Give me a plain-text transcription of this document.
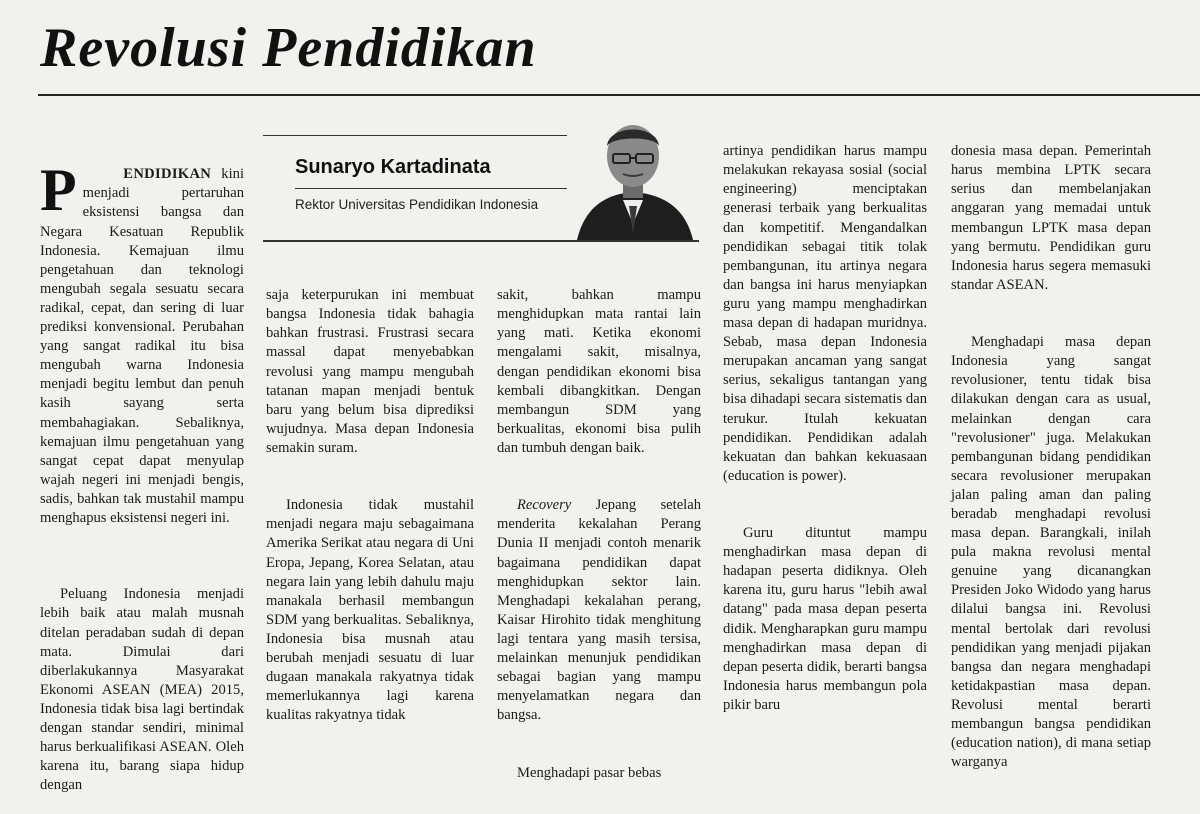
Revolusi Pendidikan

P	ENDIDIKAN kini menjadi pertaruhan eksistensi bangsa dan Negara Kesatuan Republik Indonesia. Kemajuan ilmu pengetahuan dan teknologi mengubah segala sesuatu secara radikal, cepat, dan sering di luar prediksi konvensional. Perubahan yang sangat radikal itu bisa mengubah warna Indonesia menjadi begitu lembut dan penuh kasih sayang serta membahagiakan. Sebaliknya, kemajuan ilmu pengetahuan yang sangat cepat dapat menyulap wajah negeri ini menjadi bengis, sadis, bahkan tak mustahil mampu menghapus eksistensi negeri ini.

Peluang Indonesia menjadi lebih baik atau malah musnah ditelan peradaban sudah di depan mata. Dimulai dari diberlakukannya Masyarakat Ekonomi ASEAN (MEA) 2015, Indonesia tidak bisa lagi bertindak dengan standar sendiri, minimal harus berkualifikasi ASEAN. Oleh karena itu, barang siapa hidup dengan

Sunaryo Kartadinata
Rektor Universitas Pendidikan Indonesia

saja keterpurukan ini membuat bangsa Indonesia tidak bahagia bahkan frustrasi. Frustrasi secara massal dapat menyebabkan revolusi yang mampu mengubah tatanan mapan menjadi bentuk baru yang belum bisa diprediksi wujudnya. Masa depan Indonesia semakin suram.

Indonesia tidak mustahil menjadi negara maju sebagaimana Amerika Serikat atau negara di Uni Eropa, Jepang, Korea Selatan, atau negara lain yang lebih dahulu maju manakala berhasil membangun SDM yang berkualitas. Sebaliknya, Indonesia bisa musnah atau berubah menjadi sesuatu di luar dugaan manakala rakyatnya tidak memerlukannya lagi karena kualitas rakyatnya tidak

sakit, bahkan mampu menghidupkan mata rantai lain yang mati. Ketika ekonomi mengalami sakit, misalnya, dengan pendidikan ekonomi bisa kembali dibangkitkan. Dengan membangun SDM yang berkualitas, ekonomi bisa pulih dan tumbuh dengan baik.

Recovery Jepang setelah menderita kekalahan Perang Dunia II menjadi contoh menarik bagaimana pendidikan dapat menghidupkan sektor lain. Menghadapi kekalahan perang, Kaisar Hirohito tidak menghitung lagi tentara yang masih tersisa, melainkan menunjuk pendidikan sebagai bagian yang mampu menyelamatkan negara dan bangsa.

Menghadapi pasar bebas

artinya pendidikan harus mampu melakukan rekayasa sosial (social engineering) menciptakan generasi terbaik yang berkualitas dan kompetitif. Mengandalkan pendidikan sebagai titik tolak pembangunan, itu artinya negara dan bangsa ini harus menyiapkan guru yang mampu menghadirkan masa depan di hadapan muridnya. Sebab, masa depan Indonesia merupakan ancaman yang sangat serius, sekaligus tantangan yang bisa dihadapi secara sistematis dan terukur. Itulah kekuatan pendidikan. Pendidikan adalah kekuatan dan bahkan kekuasaan (education is power).

Guru dituntut mampu menghadirkan masa depan di hadapan peserta didiknya. Oleh karena itu, guru harus "lebih awal datang" pada masa depan peserta didik. Mengharapkan guru mampu menghadirkan masa depan di depan peserta didik, berarti bangsa Indonesia harus membangun pola pikir baru

donesia masa depan. Pemerintah harus membina LPTK secara serius dan membelanjakan anggaran yang memadai untuk membangun LPTK masa depan yang bermutu. Pendidikan guru Indonesia harus segera memasuki standar ASEAN.

Menghadapi masa depan Indonesia yang sangat revolusioner, tentu tidak bisa dilakukan dengan cara as usual, melainkan dengan cara "revolusioner" juga. Melakukan pembangunan bidang pendidikan secara revolusioner merupakan jalan paling aman dan paling beradab menghadapi revolusi masa depan. Barangkali, inilah pula makna revolusi mental genuine yang dicanangkan Presiden Joko Widodo yang harus dilalui bangsa ini. Revolusi mental bertolak dari revolusi pendidikan yang menjadi pijakan bangsa dan negara menghadapi ketidakpastian masa depan. Revolusi mental berarti membangun bangsa pendidikan (education nation), di mana setiap warganya
